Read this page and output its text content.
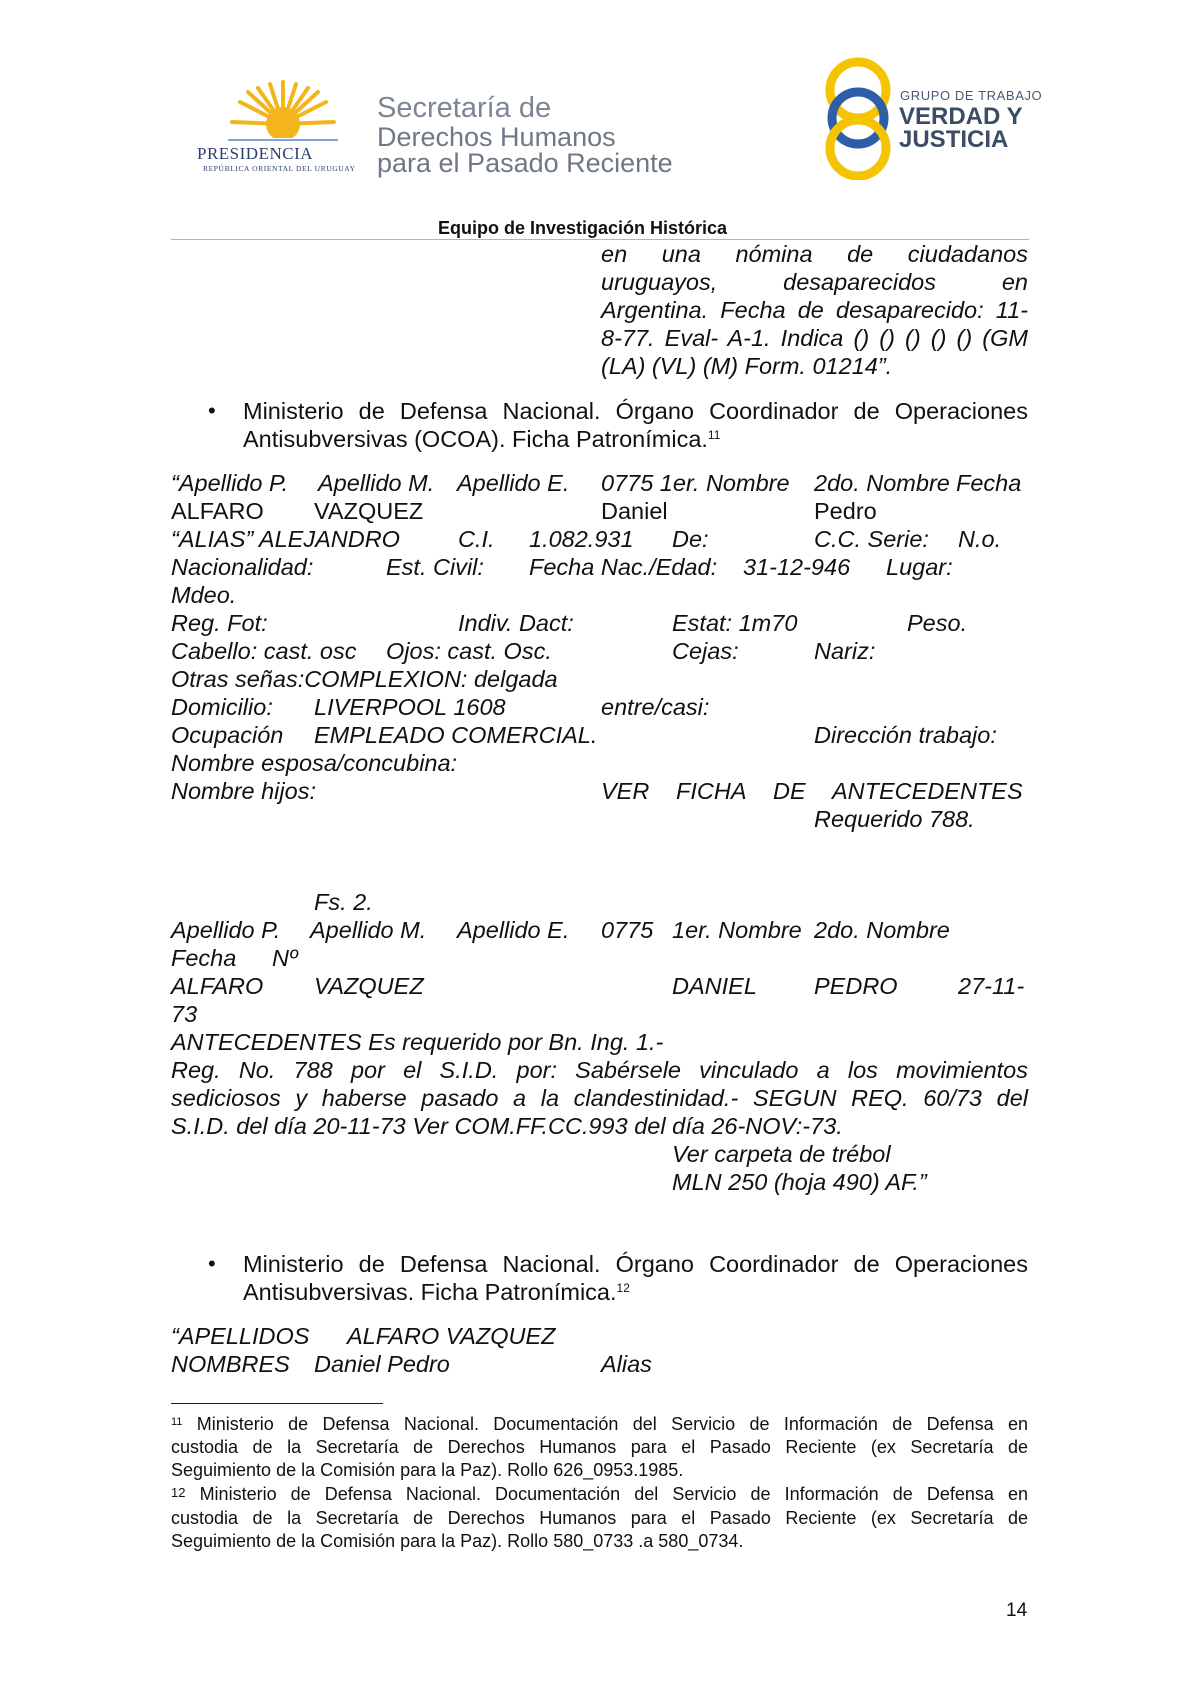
PRESIDENCIA
REPÚBLICA ORIENTAL DEL URUGUAY
Secretaría de
Derechos Humanos
para el Pasado Reciente
GRUPO DE TRABAJO
VERDAD Y
JUSTICIA
Equipo de Investigación Histórica
en una nómina de ciudadanos
uruguayos, desaparecidos en
Argentina. Fecha de desaparecido: 11-
8-77. Eval- A-1. Indica () () () () () (GM
(LA) (VL) (M) Form. 01214”.
• Ministerio de Defensa Nacional. Órgano Coordinador de Operaciones
Antisubversivas (OCOA). Ficha Patronímica.$^{11}$
“Apellido P. Apellido M. Apellido E. 0775 1er. Nombre 2do. Nombre Fecha
ALFARO VAZQUEZ	Daniel	Pedro
“ALIAS” ALEJANDRO C.I. 1.082.931 De:	C.C. Serie: N.o.
Nacionalidad:	Est. Civil: Fecha Nac./Edad: 31-12-946 Lugar:
Mdeo.
Reg. Fot:	Indiv. Dact:	Estat: 1m70	Peso.
Cabello: cast. osc Ojos: cast. Osc.	Cejas:	Nariz:
Otras señas:COMPLEXION: delgada
Domicilio: LIVERPOOL 1608	entre/casi:
Ocupación EMPLEADO COMERCIAL.	Dirección trabajo:
Nombre esposa/concubina:
Nombre hijos:	VER FICHA DE ANTECEDENTES
Requerido 788.
Fs. 2.
Apellido P. Apellido M. Apellido E. 0775 1er. Nombre 2do. Nombre
Fecha Nº
ALFARO VAZQUEZ	DANIEL PEDRO	27-11-
73
ANTECEDENTES Es requerido por Bn. Ing. 1.-
Reg. No. 788 por el S.I.D. por: Sabérsele vinculado a los movimientos
sediciosos y haberse pasado a la clandestinidad.- SEGUN REQ. 60/73 del
S.I.D. del día 20-11-73 Ver COM.FF.CC.993 del día 26-NOV:-73.
Ver carpeta de trébol
MLN 250 (hoja 490) AF.”
• Ministerio de Defensa Nacional. Órgano Coordinador de Operaciones
Antisubversivas. Ficha Patronímica.$^{12}$
“APELLIDOS ALFARO VAZQUEZ
NOMBRES Daniel Pedro	Alias
$^{11}$ Ministerio de Defensa Nacional. Documentación del Servicio de Información de Defensa en
custodia de la Secretaría de Derechos Humanos para el Pasado Reciente (ex Secretaría de
Seguimiento de la Comisión para la Paz). Rollo 626_0953.1985.
$^{12}$ Ministerio de Defensa Nacional. Documentación del Servicio de Información de Defensa en
custodia de la Secretaría de Derechos Humanos para el Pasado Reciente (ex Secretaría de
Seguimiento de la Comisión para la Paz). Rollo 580_0733 .a 580_0734.
14
